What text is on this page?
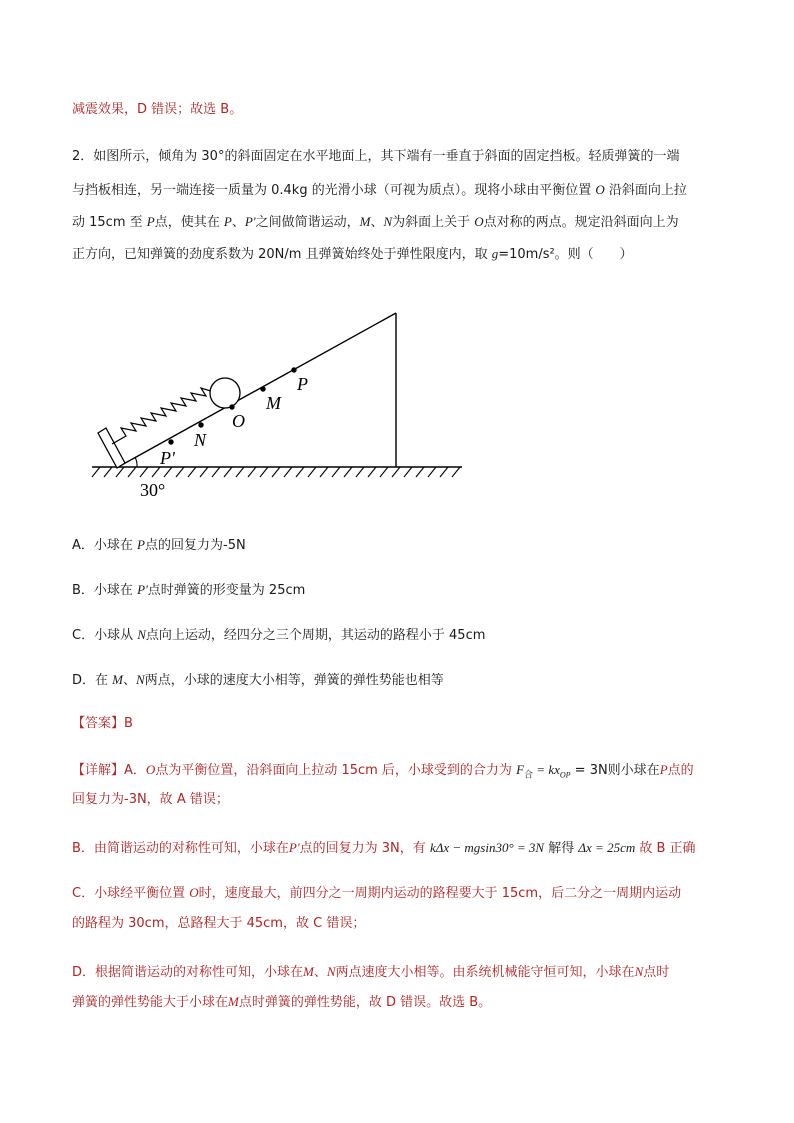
减震效果，D 错误；故选 B。
2．如图所示，倾角为 30°的斜面固定在水平地面上，其下端有一垂直于斜面的固定挡板。轻质弹簧的一端
与挡板相连，另一端连接一质量为 0.4kg 的光滑小球（可视为质点）。现将小球由平衡位置 O 沿斜面向上拉
动 15cm 至 P点，使其在 P、P'之间做简谐运动，M、N为斜面上关于 O点对称的两点。规定沿斜面向上为
正方向，已知弹簧的劲度系数为 20N/m 且弹簧始终处于弹性限度内，取 g=10m/s²。则（　　）
P
M
O
N
P'
30°
A．小球在 P点的回复力为-5N
B．小球在 P'点时弹簧的形变量为 25cm
C．小球从 N点向上运动，经四分之三个周期，其运动的路程小于 45cm
D．在 M、N两点，小球的速度大小相等，弹簧的弹性势能也相等
【答案】B
【详解】A．O点为平衡位置，沿斜面向上拉动 15cm 后，小球受到的合力为 $F_合 = kx_{OP} = 3N$则小球在P点的
回复力为-3N，故 A 错误；
B．由简谐运动的对称性可知，小球在P'点的回复力为 3N，有 kΔx − mgsin30° = 3N 解得 Δx = 25cm 故 B 正确
C．小球经平衡位置 O时，速度最大，前四分之一周期内运动的路程要大于 15cm，后二分之一周期内运动
的路程为 30cm，总路程大于 45cm，故 C 错误；
D．根据简谐运动的对称性可知，小球在M、N两点速度大小相等。由系统机械能守恒可知，小球在N点时
弹簧的弹性势能大于小球在M点时弹簧的弹性势能，故 D 错误。故选 B。
